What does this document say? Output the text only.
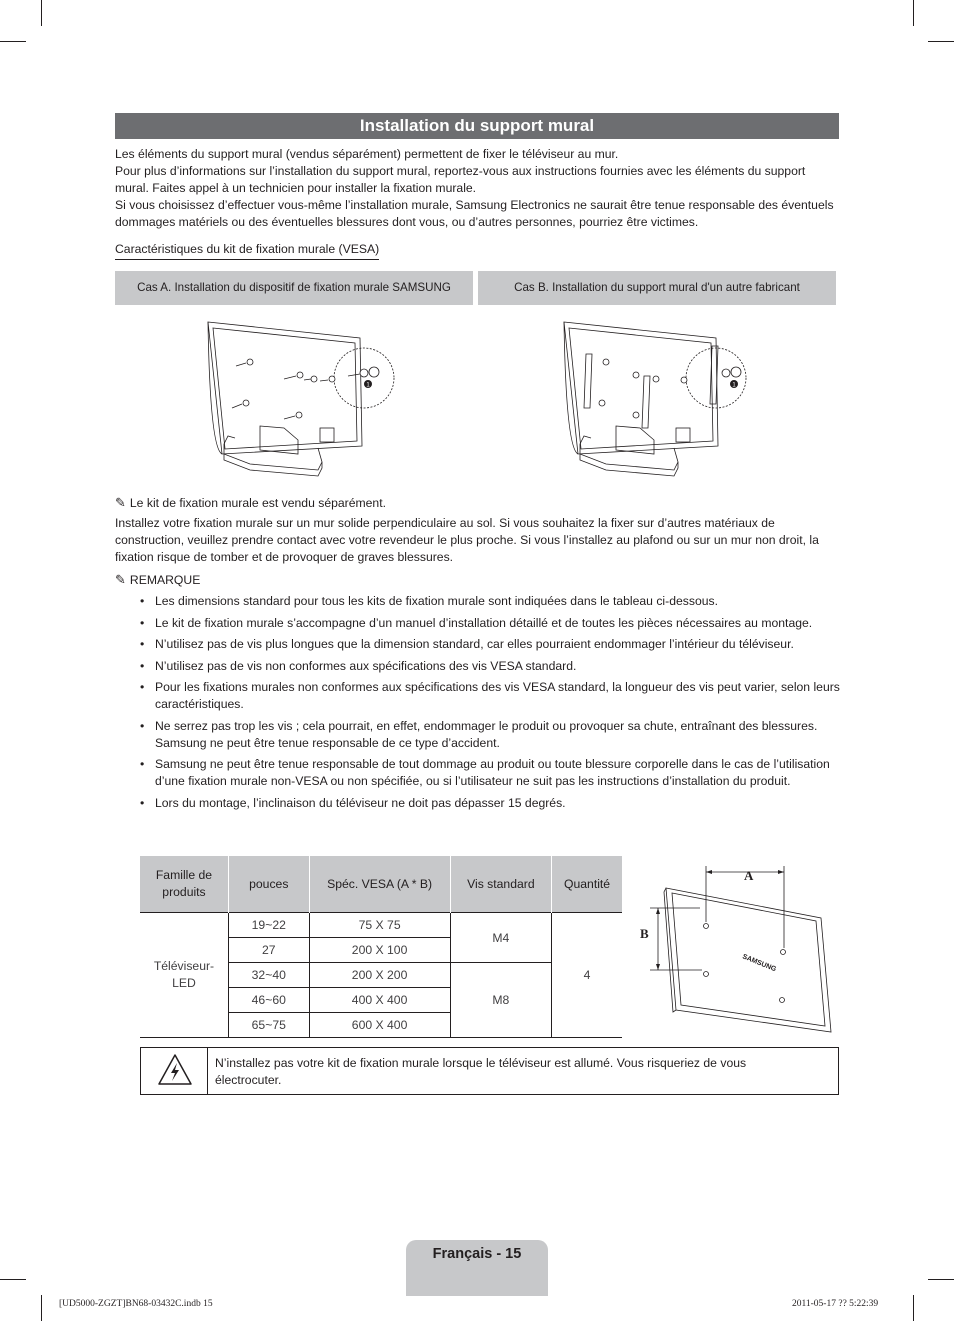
Installation du support mural

Les éléments du support mural (vendus séparément) permettent de fixer le téléviseur au mur.

Pour plus d’informations sur l’installation du support mural, reportez-vous aux instructions fournies avec les éléments du support mural. Faites appel à un technicien pour installer la fixation murale.

Si vous choisissez d’effectuer vous-même l’installation murale, Samsung Electronics ne saurait être tenue responsable des éventuels dommages matériels ou des éventuelles blessures dont vous, ou d’autres personnes, pourriez être victimes.

Caractéristiques du kit de fixation murale (VESA)
Cas A. Installation du dispositif de fixation murale SAMSUNG	Cas B. Installation du support mural d'un autre fabricant
1	1
✎ Le kit de fixation murale est vendu séparément.

Installez votre fixation murale sur un mur solide perpendiculaire au sol. Si vous souhaitez la fixer sur d’autres matériaux de construction, veuillez prendre contact avec votre revendeur le plus proche. Si vous l’installez au plafond ou sur un mur non droit, la fixation risque de tomber et de provoquer de graves blessures.

✎ REMARQUE
• Les dimensions standard pour tous les kits de fixation murale sont indiquées dans le tableau ci-dessous.
• Le kit de fixation murale s’accompagne d’un manuel d’installation détaillé et de toutes les pièces nécessaires au montage.
• N’utilisez pas de vis plus longues que la dimension standard, car elles pourraient endommager l’intérieur du téléviseur.
• N’utilisez pas de vis non conformes aux spécifications des vis VESA standard.
• Pour les fixations murales non conformes aux spécifications des vis VESA standard, la longueur des vis peut varier, selon leurs caractéristiques.
• Ne serrez pas trop les vis ; cela pourrait, en effet, endommager le produit ou provoquer sa chute, entraînant des blessures. Samsung ne peut être tenue responsable de ce type d’accident.
• Samsung ne peut être tenue responsable de tout dommage au produit ou toute blessure corporelle dans le cas de l’utilisation d’une fixation murale non-VESA ou non spécifiée, ou si l’utilisateur ne suit pas les instructions d’installation du produit.
• Lors du montage, l’inclinaison du téléviseur ne doit pas dépasser 15 degrés.
Famille de produits	pouces	Spéc. VESA (A * B)	Vis standard	Quantité
Téléviseur-LED	19~22	75 X 75	M4	4
	27	200 X 100		
	32~40	200 X 200	M8	
	46~60	400 X 400		
	65~75	600 X 400		
SAMSUNG
A
B
N’installez pas votre kit de fixation murale lorsque le téléviseur est allumé. Vous risqueriez de vous électrocuter.
Français - 15
[UD5000-ZGZT]BN68-03432C.indb 15	2011-05-17 ?? 5:22:39
